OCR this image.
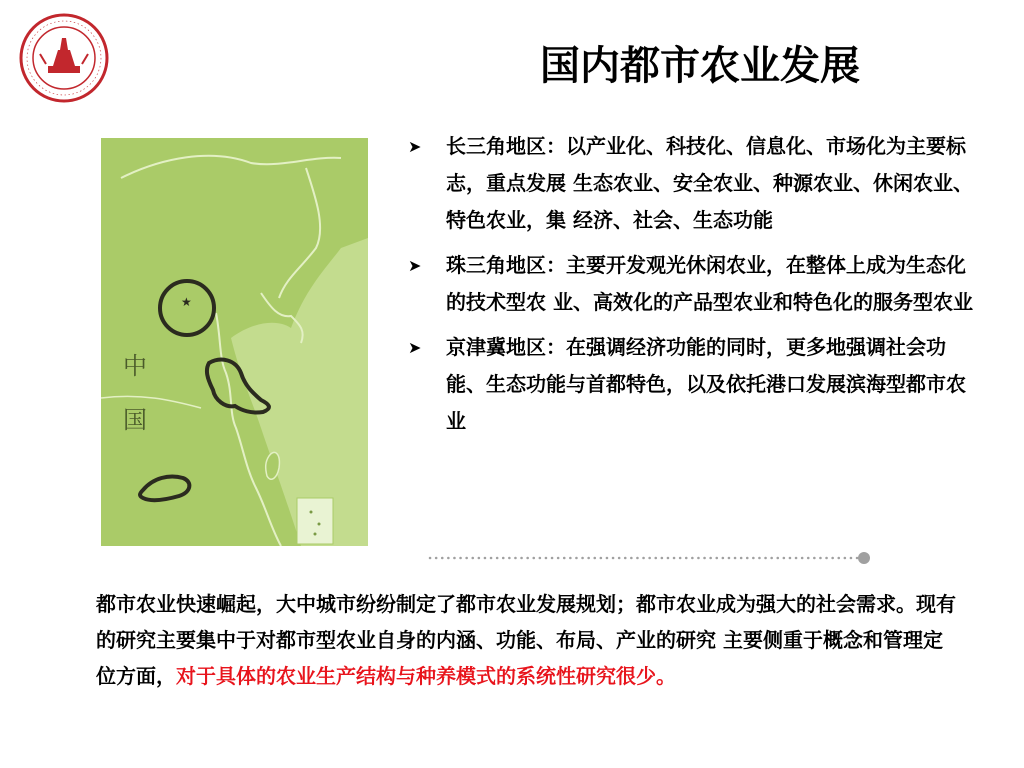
国内都市农业发展
★
中
国
➤ 长三角地区：以产业化、科技化、信息化、市场化为主要标志，重点发展 生态农业、安全农业、种源农业、休闲农业、特色农业，集 经济、社会、生态功能
➤ 珠三角地区：主要开发观光休闲农业，在整体上成为生态化的技术型农 业、高效化的产品型农业和特色化的服务型农业
➤ 京津冀地区：在强调经济功能的同时，更多地强调社会功能、生态功能与首都特色，以及依托港口发展滨海型都市农业

都市农业快速崛起，大中城市纷纷制定了都市农业发展规划；都市农业成为强大的社会需求。现有的研究主要集中于对都市型农业自身的内涵、功能、布局、产业的研究 主要侧重于概念和管理定位方面，对于具体的农业生产结构与种养模式的系统性研究很少。
